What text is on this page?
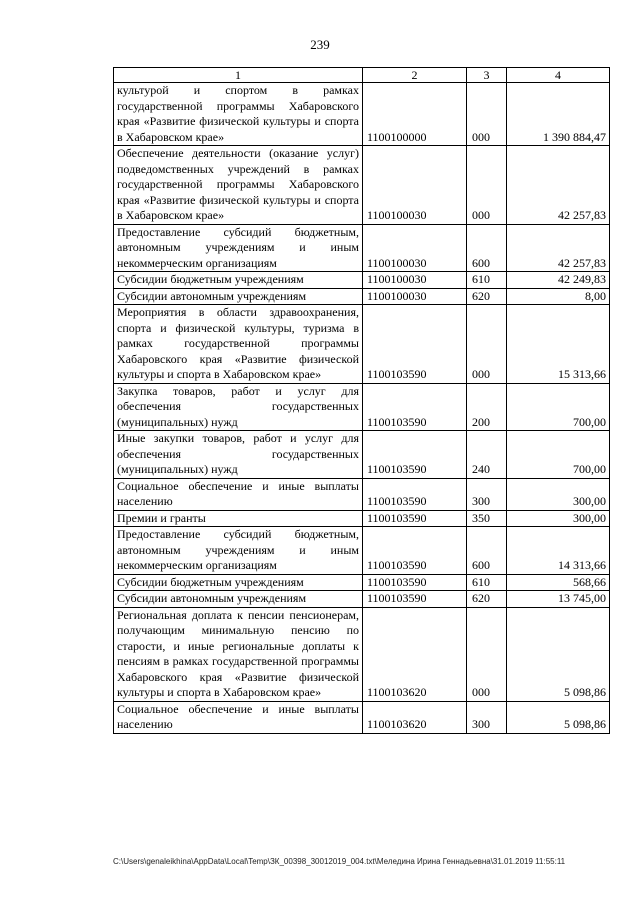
239
1	2	3	4
культурой и спортом в рамках государственной программы Хабаровского края «Развитие физической культуры и спорта в Хабаровском крае»	1100100000	000	1 390 884,47
Обеспечение деятельности (оказание услуг) подведомственных учреждений в рамках государственной программы Хабаровского края «Развитие физической культуры и спорта в Хабаровском крае»	1100100030	000	42 257,83
Предоставление субсидий бюджетным, автономным учреждениям и иным некоммерческим организациям	1100100030	600	42 257,83
Субсидии бюджетным учреждениям	1100100030	610	42 249,83
Субсидии автономным учреждениям	1100100030	620	8,00
Мероприятия в области здравоохранения, спорта и физической культуры, туризма в рамках государственной программы Хабаровского края «Развитие физической культуры и спорта в Хабаровском крае»	1100103590	000	15 313,66
Закупка товаров, работ и услуг для обеспечения государственных (муниципальных) нужд	1100103590	200	700,00
Иные закупки товаров, работ и услуг для обеспечения государственных (муниципальных) нужд	1100103590	240	700,00
Социальное обеспечение и иные выплаты населению	1100103590	300	300,00
Премии и гранты	1100103590	350	300,00
Предоставление субсидий бюджетным, автономным учреждениям и иным некоммерческим организациям	1100103590	600	14 313,66
Субсидии бюджетным учреждениям	1100103590	610	568,66
Субсидии автономным учреждениям	1100103590	620	13 745,00
Региональная доплата к пенсии пенсионерам, получающим минимальную пенсию по старости, и иные региональные доплаты к пенсиям в рамках государственной программы Хабаровского края «Развитие физической культуры и спорта в Хабаровском крае»	1100103620	000	5 098,86
Социальное обеспечение и иные выплаты населению	1100103620	300	5 098,86
C:\Users\genaleikhina\AppData\Local\Temp\ЗК_00398_30012019_004.txt\Меледина Ирина Геннадьевна\31.01.2019 11:55:11
